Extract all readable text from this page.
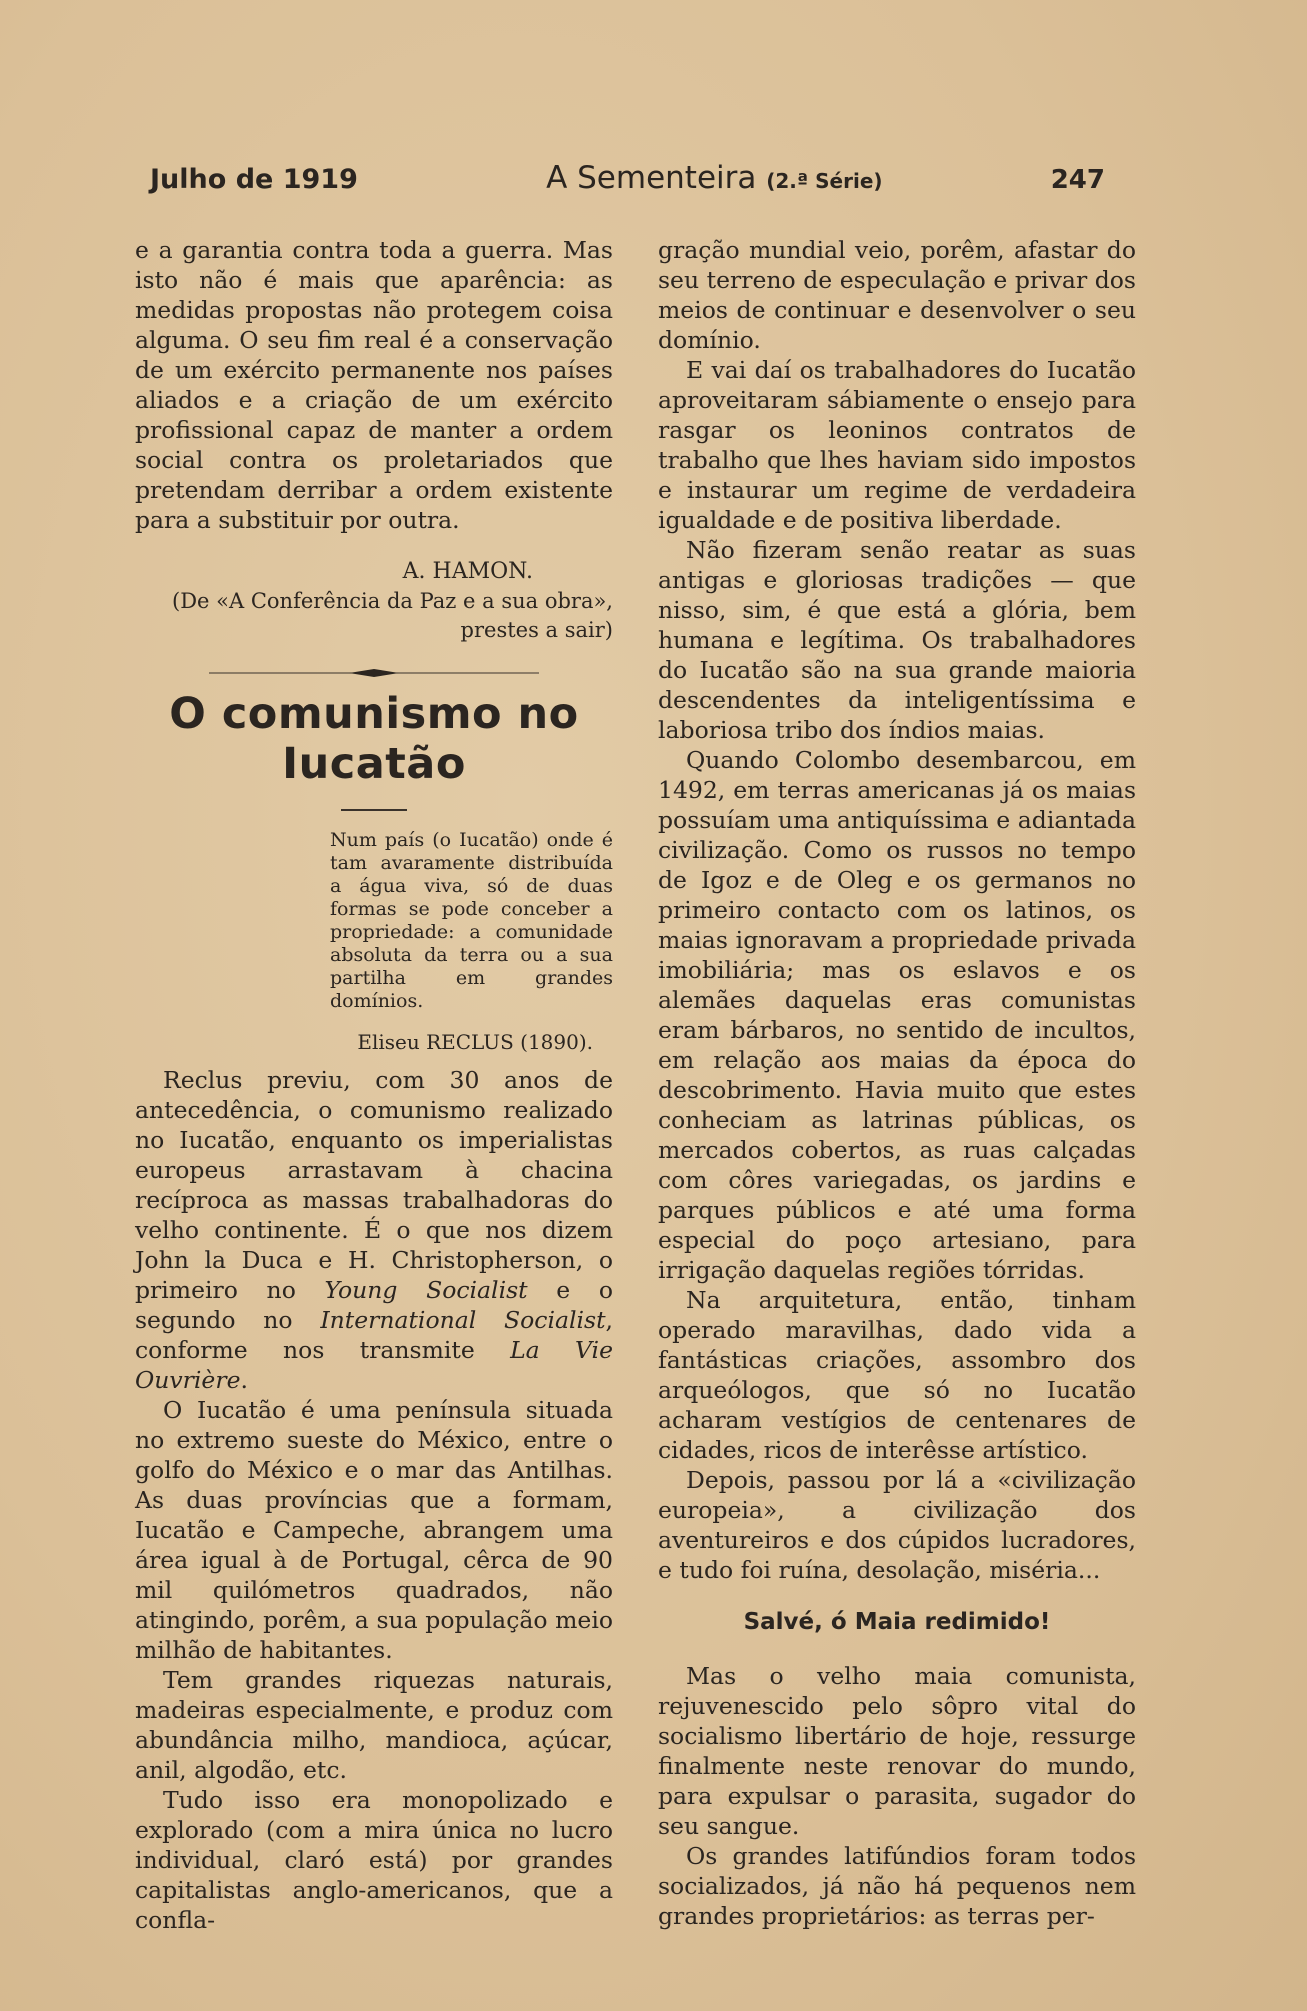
Julho de 1919	A Sementeira (2.ª Série)	247

e a garantia contra toda a guerra. Mas isto não é mais que aparência: as medidas propostas não protegem coisa alguma. O seu fim real é a conservação de um exército permanente nos países aliados e a criação de um exército profissional capaz de manter a ordem social contra os proletariados que pretendam derribar a ordem existente para a substituir por outra.

A. HAMON.
(De «A Conferência da Paz e a sua obra», prestes a sair)
O comunismo no Iucatão

Num país (o Iucatão) onde é tam avaramente distribuída a água viva, só de duas formas se pode conceber a propriedade: a comunidade absoluta da terra ou a sua partilha em grandes domínios.

Eliseu RECLUS (1890).

Reclus previu, com 30 anos de antecedência, o comunismo realizado no Iucatão, enquanto os imperialistas europeus arrastavam à chacina recíproca as massas trabalhadoras do velho continente. É o que nos dizem John la Duca e H. Christopherson, o primeiro no Young Socialist e o segundo no International Socialist, conforme nos transmite La Vie Ouvrière.

O Iucatão é uma península situada no extremo sueste do México, entre o golfo do México e o mar das Antilhas. As duas províncias que a formam, Iucatão e Campeche, abrangem uma área igual à de Portugal, cêrca de 90 mil quilómetros quadrados, não atingindo, porêm, a sua população meio milhão de habitantes.

Tem grandes riquezas naturais, madeiras especialmente, e produz com abundância milho, mandioca, açúcar, anil, algodão, etc.

Tudo isso era monopolizado e explorado (com a mira única no lucro individual, claró está) por grandes capitalistas anglo-americanos, que a confla-

gração mundial veio, porêm, afastar do seu terreno de especulação e privar dos meios de continuar e desenvolver o seu domínio.

E vai daí os trabalhadores do Iucatão aproveitaram sábiamente o ensejo para rasgar os leoninos contratos de trabalho que lhes haviam sido impostos e instaurar um regime de verdadeira igualdade e de positiva liberdade.

Não fizeram senão reatar as suas antigas e gloriosas tradições — que nisso, sim, é que está a glória, bem humana e legítima. Os trabalhadores do Iucatão são na sua grande maioria descendentes da inteligentíssima e laboriosa tribo dos índios maias.

Quando Colombo desembarcou, em 1492, em terras americanas já os maias possuíam uma antiquíssima e adiantada civilização. Como os russos no tempo de Igoz e de Oleg e os germanos no primeiro contacto com os latinos, os maias ignoravam a propriedade privada imobiliária; mas os eslavos e os alemães daquelas eras comunistas eram bárbaros, no sentido de incultos, em relação aos maias da época do descobrimento. Havia muito que estes conheciam as latrinas públicas, os mercados cobertos, as ruas calçadas com côres variegadas, os jardins e parques públicos e até uma forma especial do poço artesiano, para irrigação daquelas regiões tórridas.

Na arquitetura, então, tinham operado maravilhas, dado vida a fantásticas criações, assombro dos arqueólogos, que só no Iucatão acharam vestígios de centenares de cidades, ricos de interêsse artístico.

Depois, passou por lá a «civilização europeia», a civilização dos aventureiros e dos cúpidos lucradores, e tudo foi ruína, desolação, miséria...

Salvé, ó Maia redimido!

Mas o velho maia comunista, rejuvenescido pelo sôpro vital do socialismo libertário de hoje, ressurge finalmente neste renovar do mundo, para expulsar o parasita, sugador do seu sangue.

Os grandes latifúndios foram todos socializados, já não há pequenos nem grandes proprietários: as terras per-
